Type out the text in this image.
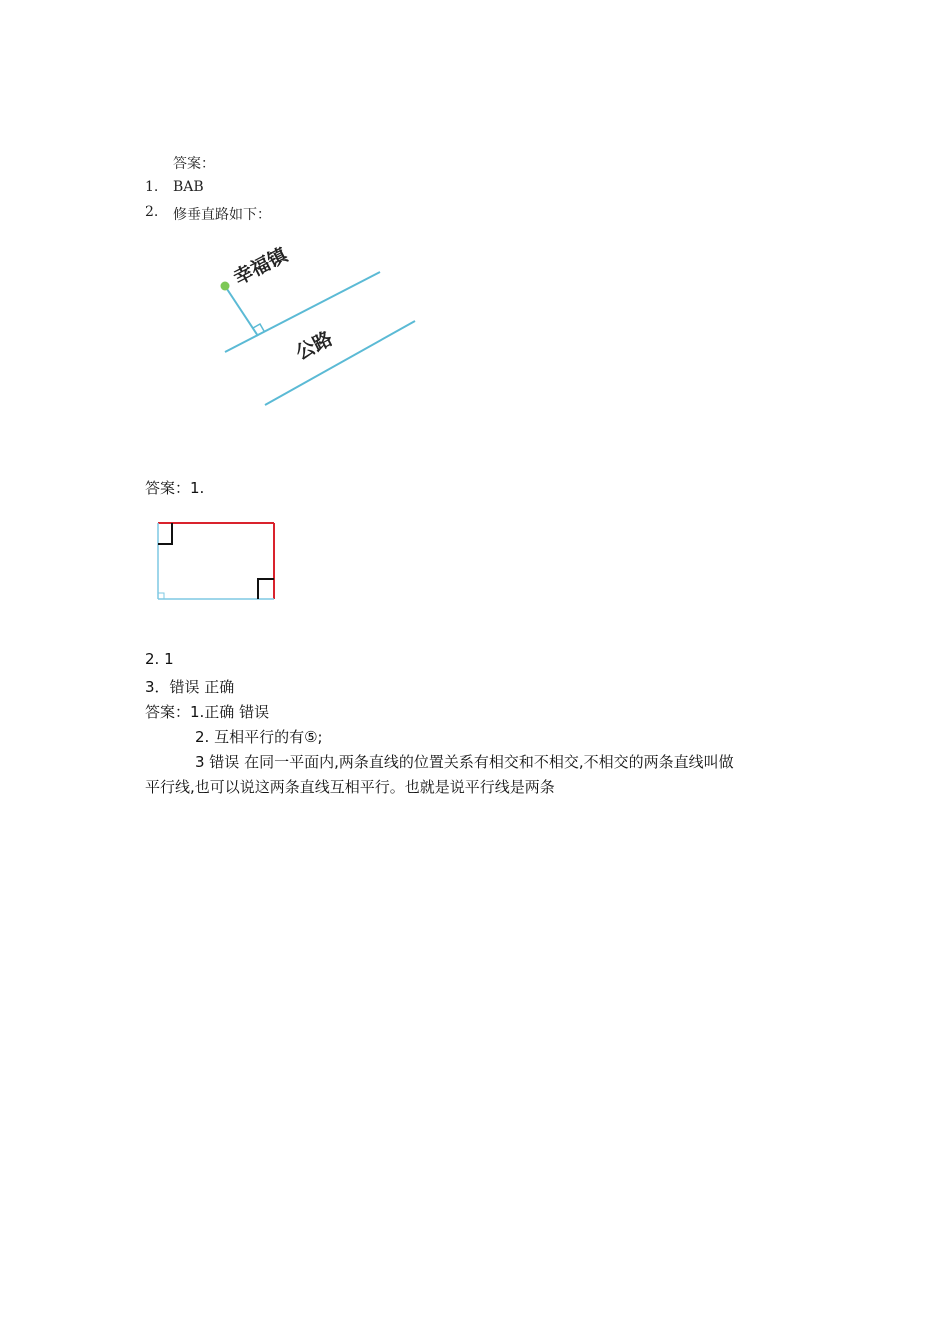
答案：
1. BAB
2. 修垂直路如下：
幸福镇
公路
答案：1.
2. 1
3．错误 正确
答案：1.正确 错误
2. 互相平行的有⑤;
3 错误 在同一平面内,两条直线的位置关系有相交和不相交,不相交的两条直线叫做
平行线,也可以说这两条直线互相平行。也就是说平行线是两条
